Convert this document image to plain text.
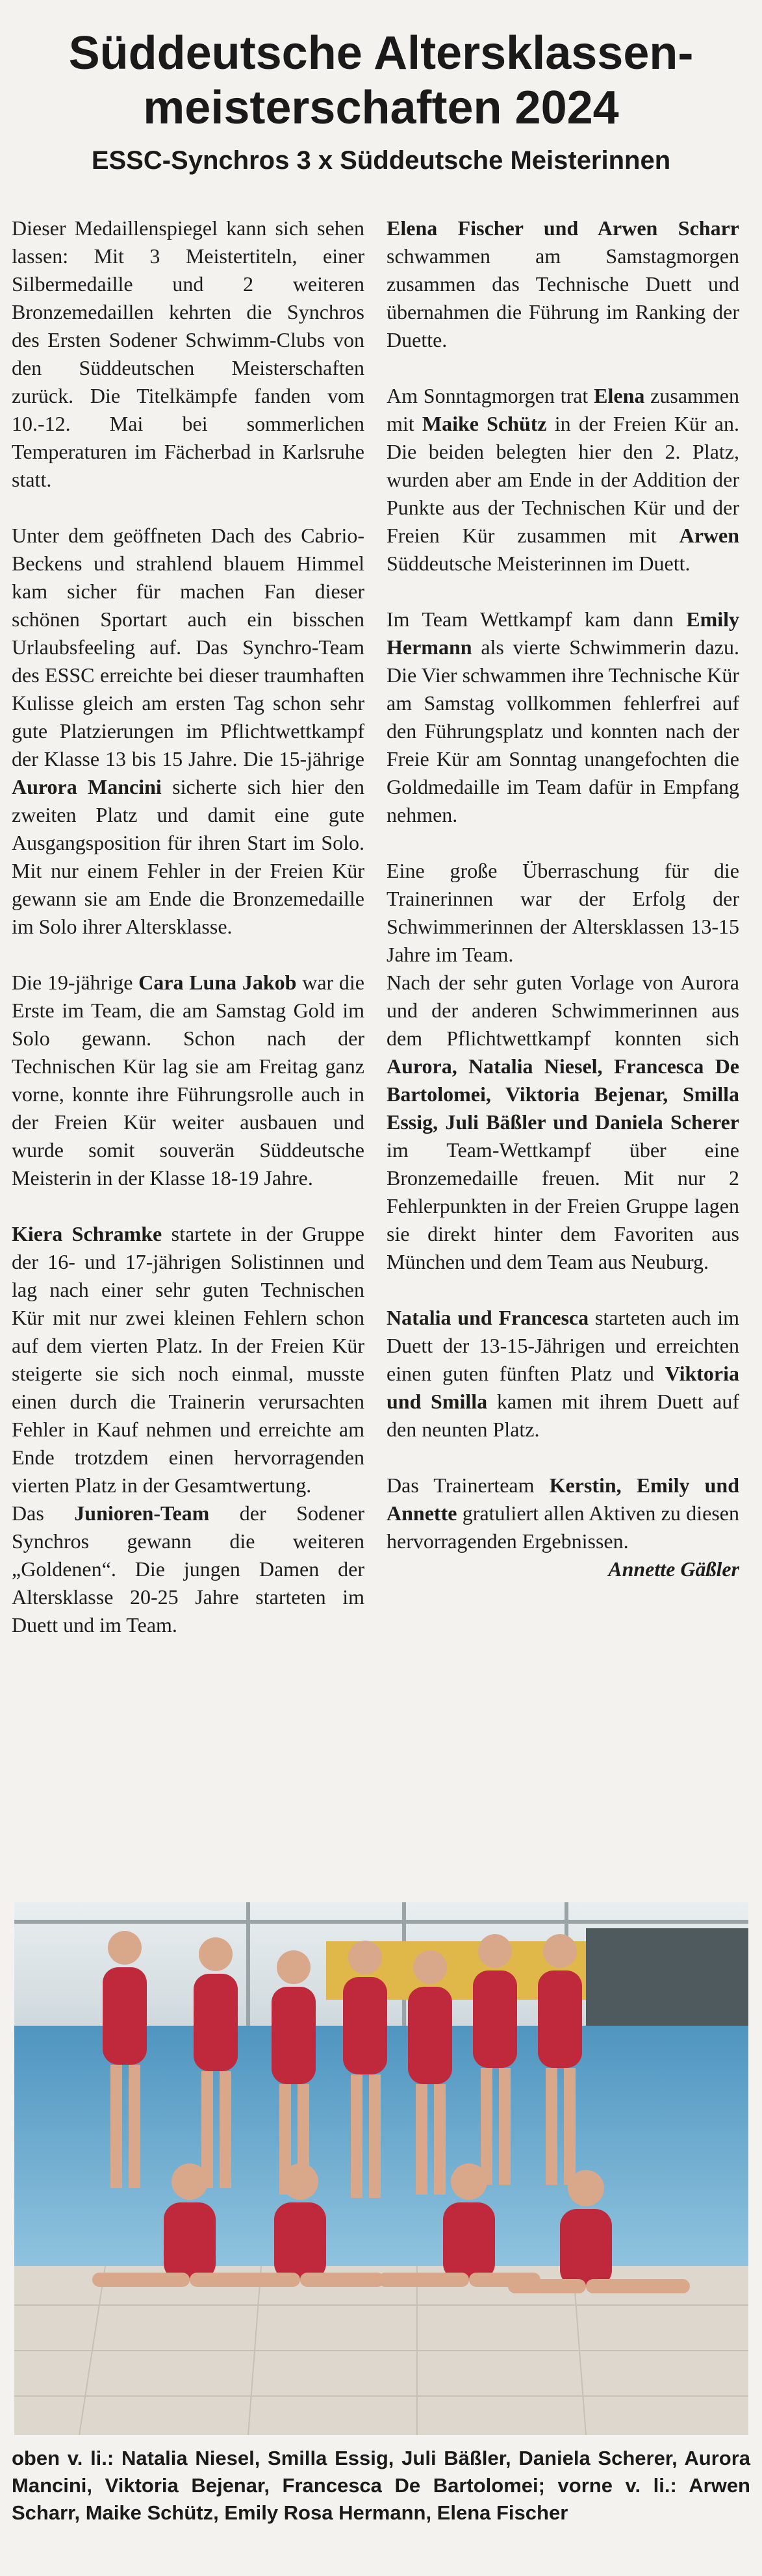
Süddeutsche Altersklassen-
meisterschaften 2024
ESSC-Synchros 3 x Süddeutsche Meisterinnen

Dieser Medaillenspiegel kann sich sehen lassen: Mit 3 Meistertiteln, einer Silbermedaille und 2 weiteren Bronzemedaillen kehrten die Synchros des Ersten Sodener Schwimm-Clubs von den Süddeutschen Meisterschaften zurück. Die Titelkämpfe fanden vom 10.-12. Mai bei sommerlichen Temperaturen im Fächerbad in Karlsruhe statt.

Unter dem geöffneten Dach des Cabrio-Beckens und strahlend blauem Himmel kam sicher für machen Fan dieser schönen Sportart auch ein bisschen Urlaubsfeeling auf. Das Synchro-Team des ESSC erreichte bei dieser traumhaften Kulisse gleich am ersten Tag schon sehr gute Platzierungen im Pflichtwettkampf der Klasse 13 bis 15 Jahre. Die 15-jährige Aurora Mancini sicherte sich hier den zweiten Platz und damit eine gute Ausgangsposition für ihren Start im Solo. Mit nur einem Fehler in der Freien Kür gewann sie am Ende die Bronzemedaille im Solo ihrer Altersklasse.

Die 19-jährige Cara Luna Jakob war die Erste im Team, die am Samstag Gold im Solo gewann. Schon nach der Technischen Kür lag sie am Freitag ganz vorne, konnte ihre Führungsrolle auch in der Freien Kür weiter ausbauen und wurde somit souverän Süddeutsche Meisterin in der Klasse 18-19 Jahre.

Kiera Schramke startete in der Gruppe der 16- und 17-jährigen Solistinnen und lag nach einer sehr guten Technischen Kür mit nur zwei kleinen Fehlern schon auf dem vierten Platz. In der Freien Kür steigerte sie sich noch einmal, musste einen durch die Trainerin verursachten Fehler in Kauf nehmen und erreichte am Ende trotzdem einen hervorragenden vierten Platz in der Gesamtwertung.

Das Junioren-Team der Sodener Synchros gewann die weiteren „Goldenen“. Die jungen Damen der Altersklasse 20-25 Jahre starteten im Duett und im Team.

Elena Fischer und Arwen Scharr schwammen am Samstagmorgen zusammen das Technische Duett und übernahmen die Führung im Ranking der Duette.

Am Sonntagmorgen trat Elena zusammen mit Maike Schütz in der Freien Kür an. Die beiden belegten hier den 2. Platz, wurden aber am Ende in der Addition der Punkte aus der Technischen Kür und der Freien Kür zusammen mit Arwen Süddeutsche Meisterinnen im Duett.

Im Team Wettkampf kam dann Emily Hermann als vierte Schwimmerin dazu. Die Vier schwammen ihre Technische Kür am Samstag vollkommen fehlerfrei auf den Führungsplatz und konnten nach der Freie Kür am Sonntag unangefochten die Goldmedaille im Team dafür in Empfang nehmen.

Eine große Überraschung für die Trainerinnen war der Erfolg der Schwimmerinnen der Altersklassen 13-15 Jahre im Team.

Nach der sehr guten Vorlage von Aurora und der anderen Schwimmerinnen aus dem Pflichtwettkampf konnten sich Aurora, Natalia Niesel, Francesca De Bartolomei, Viktoria Bejenar, Smilla Essig, Juli Bäßler und Daniela Scherer im Team-Wettkampf über eine Bronzemedaille freuen. Mit nur 2 Fehlerpunkten in der Freien Gruppe lagen sie direkt hinter dem Favoriten aus München und dem Team aus Neuburg.

Natalia und Francesca starteten auch im Duett der 13-15-Jährigen und erreichten einen guten fünften Platz und Viktoria und Smilla kamen mit ihrem Duett auf den neunten Platz.

Das Trainerteam Kerstin, Emily und Annette gratuliert allen Aktiven zu diesen hervorragenden Ergebnissen.

Annette Gäßler
oben v. li.: Natalia Niesel, Smilla Essig, Juli Bäßler, Daniela Scherer, Aurora Mancini, Viktoria Bejenar, Francesca De Bartolomei; vorne v. li.: Arwen Scharr, Maike Schütz, Emily Rosa Hermann, Elena Fischer
